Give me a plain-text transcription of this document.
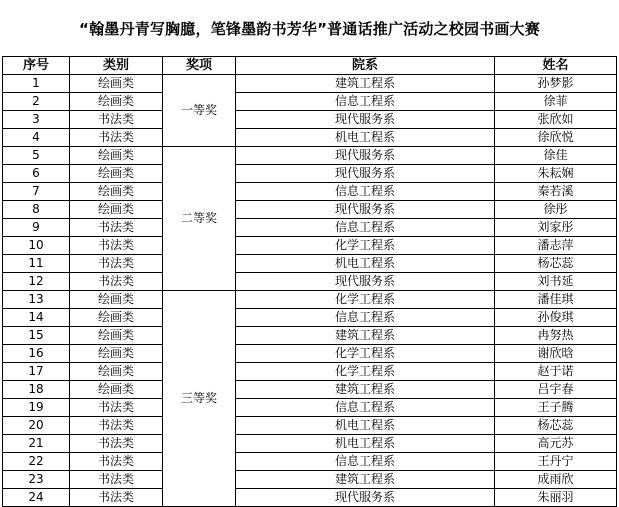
“翰墨丹青写胸臆，笔锋墨韵书芳华”普通话推广活动之校园书画大赛
序号	类别	奖项	院系	姓名
1	绘画类	一等奖	建筑工程系	孙梦影
2	绘画类		信息工程系	徐菲
3	书法类		现代服务系	张欣如
4	书法类		机电工程系	徐欣悦
5	绘画类	二等奖	现代服务系	徐佳
6	绘画类		现代服务系	朱耘娴
7	绘画类		信息工程系	秦若溪
8	绘画类		现代服务系	徐彤
9	书法类		信息工程系	刘家彤
10	书法类		化学工程系	潘志萍
11	书法类		机电工程系	杨芯蕊
12	书法类		现代服务系	刘书延
13	绘画类	三等奖	化学工程系	潘佳琪
14	绘画类		信息工程系	孙俊琪
15	绘画类		建筑工程系	冉努热
16	绘画类		化学工程系	谢欣晗
17	绘画类		化学工程系	赵于诺
18	绘画类		建筑工程系	吕宇春
19	书法类		信息工程系	王子腾
20	书法类		机电工程系	杨芯蕊
21	书法类		机电工程系	高元苏
22	书法类		信息工程系	王丹宁
23	书法类		建筑工程系	成雨欣
24	书法类		现代服务系	朱丽羽
